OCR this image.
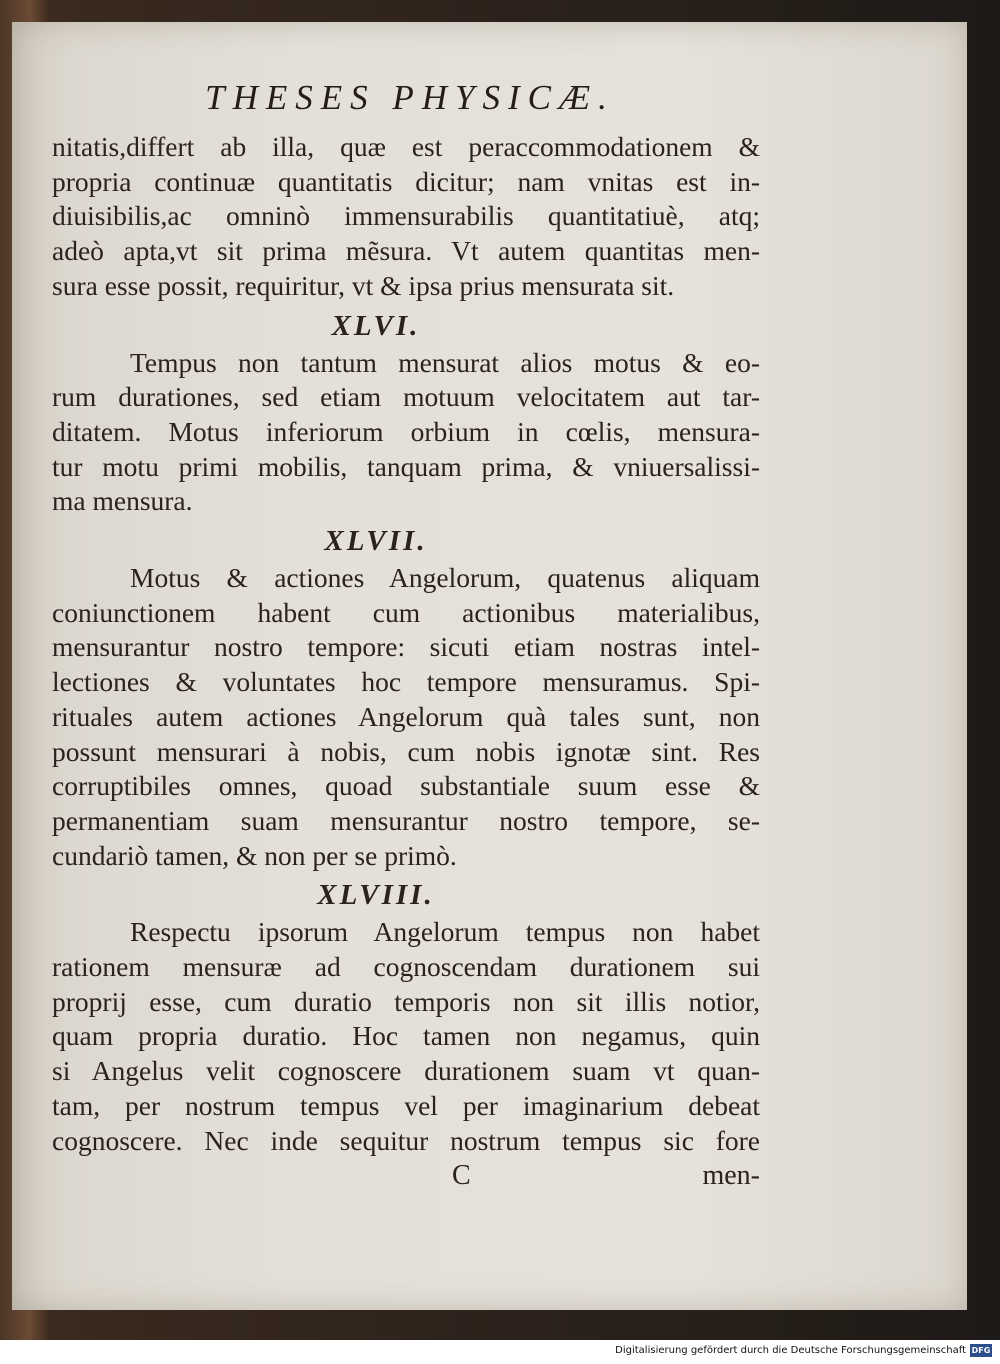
THESES PHYSICÆ.
nitatis,differt ab illa, quæ est peraccommodationem &
propria continuæ quantitatis dicitur; nam vnitas est in-
diuisibilis,ac omninò immensurabilis quantitatiuè, atq;
adeò apta,vt sit prima mẽsura. Vt autem quantitas men-
sura esse possit, requiritur, vt & ipsa prius mensurata sit.
XLVI.
Tempus non tantum mensurat alios motus & eo-
rum durationes, sed etiam motuum velocitatem aut tar-
ditatem. Motus inferiorum orbium in cœlis, mensura-
tur motu primi mobilis, tanquam prima, & vniuersalissi-
ma mensura.
XLVII.
Motus & actiones Angelorum, quatenus aliquam
coniunctionem habent cum actionibus materialibus,
mensurantur nostro tempore: sicuti etiam nostras intel-
lectiones & voluntates hoc tempore mensuramus. Spi-
rituales autem actiones Angelorum quà tales sunt, non
possunt mensurari à nobis, cum nobis ignotæ sint. Res
corruptibiles omnes, quoad substantiale suum esse &
permanentiam suam mensurantur nostro tempore, se-
cundariò tamen, & non per se primò.
XLVIII.
Respectu ipsorum Angelorum tempus non habet
rationem mensuræ ad cognoscendam durationem sui
proprij esse, cum duratio temporis non sit illis notior,
quam propria duratio. Hoc tamen non negamus, quin
si Angelus velit cognoscere durationem suam vt quan-
tam, per nostrum tempus vel per imaginarium debeat
cognoscere. Nec inde sequitur nostrum tempus sic fore
C	men-
Digitalisierung gefördert durch die Deutsche Forschungsgemeinschaft DFG
